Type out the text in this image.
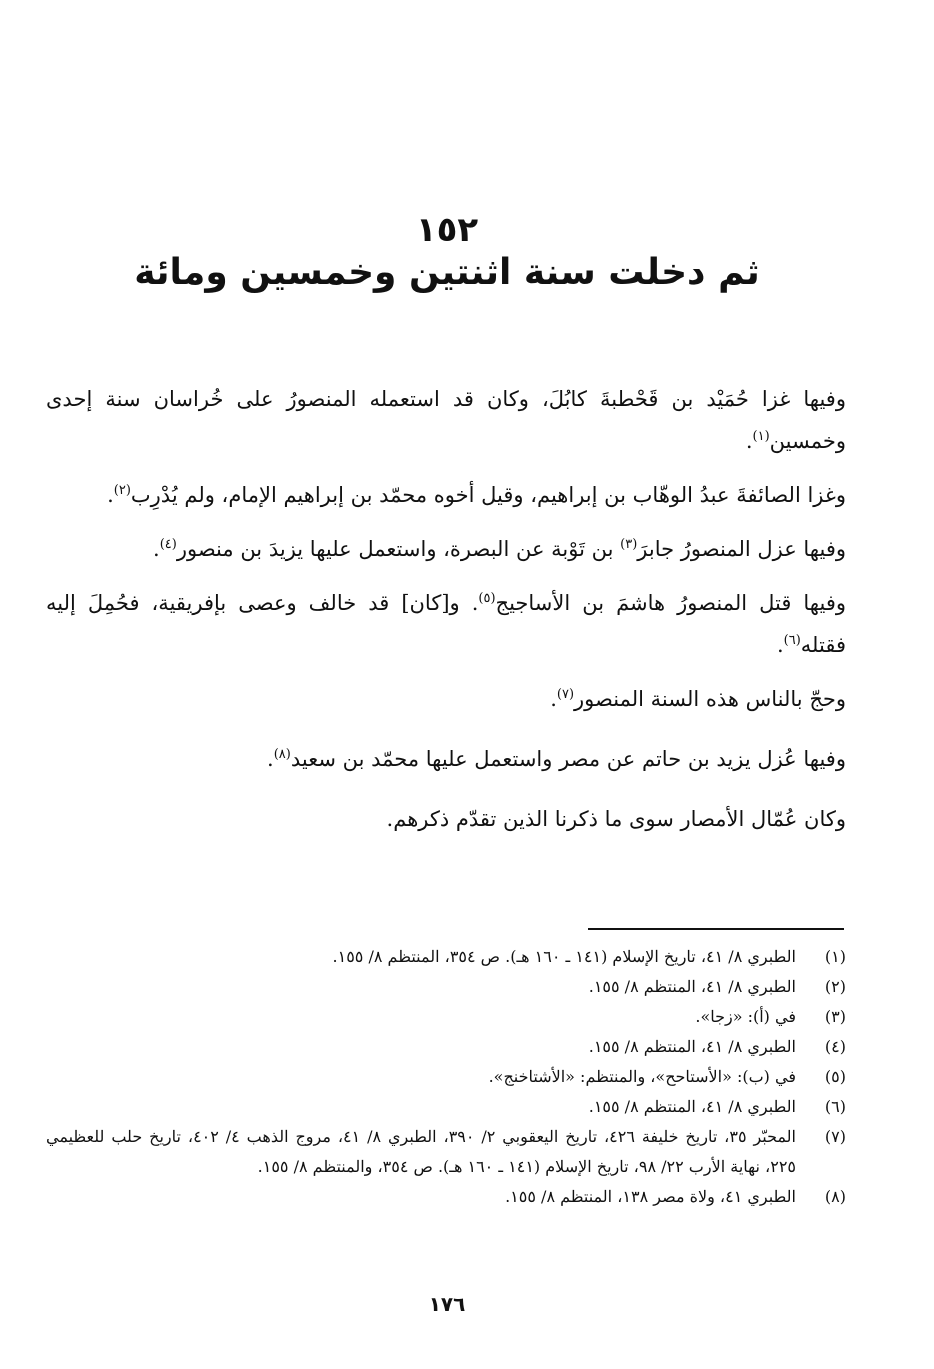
١٥٢
ثم دخلت سنة اثنتين وخمسين ومائة

وفيها غزا حُمَيْد بن قَحْطبةَ كابُلَ، وكان قد استعمله المنصورُ على خُراسان سنة إحدى وخمسين$^{(١)}$.

وغزا الصائفةَ عبدُ الوهّاب بن إبراهيم، وقيل أخوه محمّد بن إبراهيم الإمام، ولم يُدْرِب$^{(٢)}$.

وفيها عزل المنصورُ جابرَ$^{(٣)}$ بن تَوْبة عن البصرة، واستعمل عليها يزيدَ بن منصور$^{(٤)}$.

وفيها قتل المنصورُ هاشمَ بن الأساجيج$^{(٥)}$. و[كان] قد خالف وعصى بإفريقية، فحُمِلَ إليه فقتله$^{(٦)}$.

وحجّ بالناس هذه السنة المنصور$^{(٧)}$.

وفيها عُزل يزيد بن حاتم عن مصر واستعمل عليها محمّد بن سعيد$^{(٨)}$.

وكان عُمّال الأمصار سوى ما ذكرنا الذين تقدّم ذكرهم.

(١)
الطبري ٨/ ٤١، تاريخ الإسلام (١٤١ ـ ١٦٠ هـ). ص ٣٥٤، المنتظم ٨/ ١٥٥.
(٢)
الطبري ٨/ ٤١، المنتظم ٨/ ١٥٥.
(٣)
في (أ): «زجا».
(٤)
الطبري ٨/ ٤١، المنتظم ٨/ ١٥٥.
(٥)
في (ب): «الأستاحح»، والمنتظم: «الأشتاخنج».
(٦)
الطبري ٨/ ٤١، المنتظم ٨/ ١٥٥.
(٧)
المحبّر ٣٥، تاريخ خليفة ٤٢٦، تاريخ اليعقوبي ٢/ ٣٩٠، الطبري ٨/ ٤١، مروج الذهب ٤/ ٤٠٢، تاريخ حلب للعظيمي ٢٢٥، نهاية الأرب ٢٢/ ٩٨، تاريخ الإسلام (١٤١ ـ ١٦٠ هـ). ص ٣٥٤، والمنتظم ٨/ ١٥٥.
(٨)
الطبري ٤١، ولاة مصر ١٣٨، المنتظم ٨/ ١٥٥.
١٧٦
